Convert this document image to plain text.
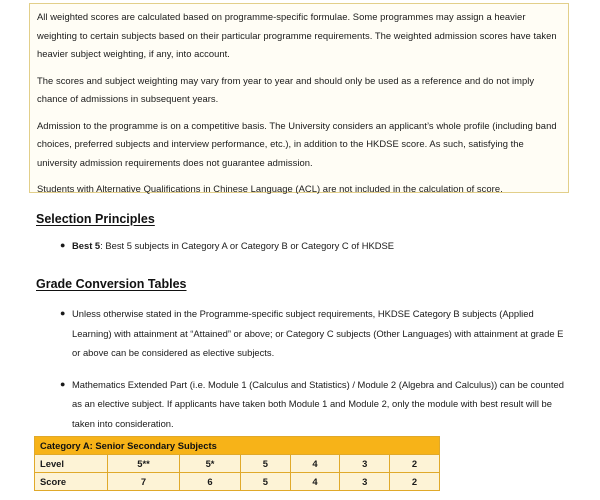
All weighted scores are calculated based on programme-specific formulae. Some programmes may assign a heavier weighting to certain subjects based on their particular programme requirements. The weighted admission scores have taken heavier subject weighting, if any, into account.

The scores and subject weighting may vary from year to year and should only be used as a reference and do not imply chance of admissions in subsequent years.

Admission to the programme is on a competitive basis. The University considers an applicant’s whole profile (including band choices, preferred subjects and interview performance, etc.), in addition to the HKDSE score. As such, satisfying the university admission requirements does not guarantee admission.

Students with Alternative Qualifications in Chinese Language (ACL) are not included in the calculation of score.

Selection Principles
● Best 5: Best 5 subjects in Category A or Category B or Category C of HKDSE
Grade Conversion Tables
● Unless otherwise stated in the Programme-specific subject requirements, HKDSE Category B subjects (Applied Learning) with attainment at “Attained” or above; or Category C subjects (Other Languages) with attainment at grade E or above can be considered as elective subjects.
● Mathematics Extended Part (i.e. Module 1 (Calculus and Statistics) / Module 2 (Algebra and Calculus)) can be counted as an elective subject. If applicants have taken both Module 1 and Module 2, only the module with best result will be taken into consideration.
Category A: Senior Secondary Subjects						
Level	5**	5*	5	4	3	2
Score	7	6	5	4	3	2
